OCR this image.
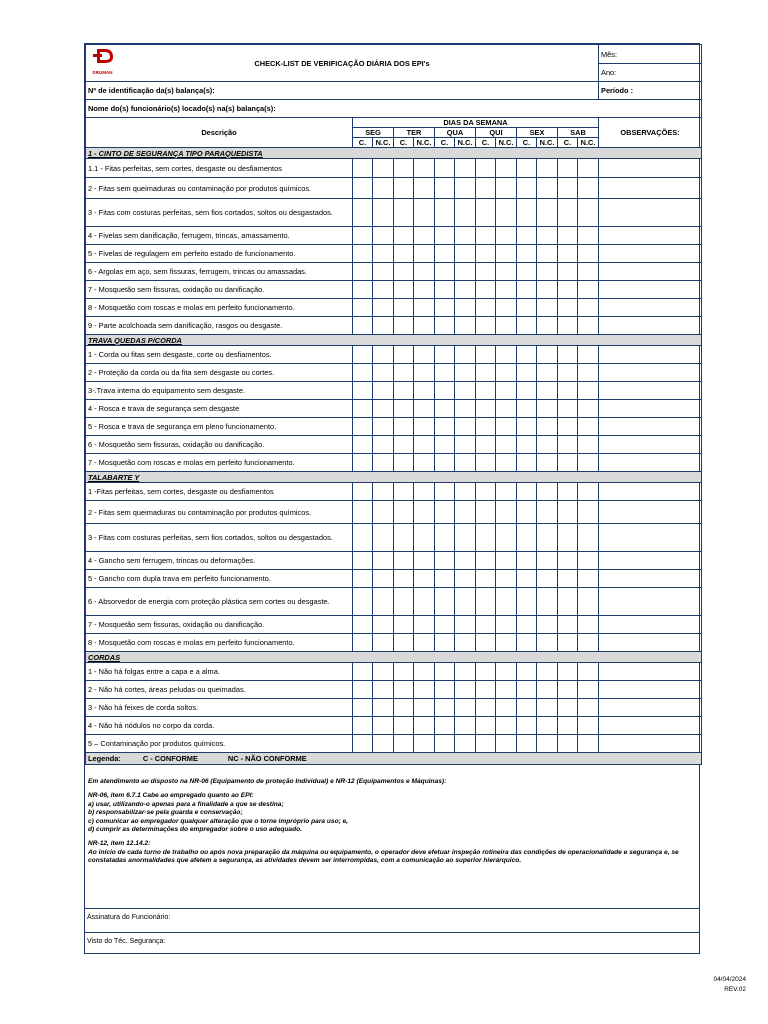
DRUMAN
CHECK-LIST DE VERIFICAÇÃO DIÁRIA DOS EPI's													Mês:
													Ano:
Nº de identificação da(s) balança(s):													Período :
Nome do(s) funcionário(s) locado(s) na(s) balança(s):													
Descrição	DIAS DA SEMANA												OBSERVAÇÕES:
	SEG		TER		QUA		QUI		SEX		SAB		
	C.	N.C.	C.	N.C.	C.	N.C.	C.	N.C.	C.	N.C.	C.	N.C.	
1 - CINTO DE SEGURANÇA TIPO PARAQUEDISTA													
1.1 - Fitas perfeitas, sem cortes, desgaste ou desfiamentos													
2 - Fitas sem queimaduras ou contaminação por produtos químicos.													
3 - Fitas com costuras perfeitas, sem fios cortados, soltos ou desgastados.													
4 - Fivelas sem danificação, ferrugem, trincas, amassamento.													
5 - Fivelas de regulagem em perfeito estado de funcionamento.													
6 - Argolas em aço, sem fissuras, ferrugem, trincas ou amassadas.													
7 - Mosquetão sem fissuras, oxidação ou danificação.													
8 - Mosquetão com roscas e molas em perfeito funcionamento.													
9 - Parte acolchoada sem danificação, rasgos ou desgaste.													
TRAVA QUEDAS P/CORDA													
1 - Corda ou fitas sem desgaste, corte ou desfiamentos.													
2 - Proteção da corda ou da fita sem desgaste ou cortes.													
3-.Trava interna do equipamento sem desgaste.													
4 - Rosca e trava de segurança sem desgaste													
5 - Rosca e trava de segurança em pleno funcionamento.													
6 - Mosquetão sem fissuras, oxidação ou danificação.													
7 - Mosquetão com roscas e molas em perfeito funcionamento.													
TALABARTE Y													
1 -Fitas perfeitas, sem cortes, desgaste ou desfiamentos													
2 - Fitas sem queimaduras ou contaminação por produtos químicos.													
3 - Fitas com costuras perfeitas, sem fios cortados, soltos ou desgastados.													
4 - Gancho sem ferrugem, trincas ou deformações.													
5 - Gancho com dupla trava em perfeito funcionamento.													
6 - Absorvedor de energia com proteção plástica sem cortes ou desgaste.													
7 - Mosquetão sem fissuras, oxidação ou danificação.													
8 - Mosquetão com roscas e molas em perfeito funcionamento.													
CORDAS													
1 - Não há folgas entre a capa e a alma.													
2 - Não há cortes, áreas peludas ou queimadas.													
3 - Não há feixes de corda soltos.													
4 - Não há nódulos no corpo da corda.													
5 – Contaminação por produtos químicos.													
Legenda: C - CONFORME NC - NÃO CONFORME													

Em atendimento ao disposto na NR-06 (Equipamento de proteção Individual) e NR-12 (Equipamentos e Máquinas):

NR-06, item 6.7.1 Cabe ao empregado quanto ao EPI:
a) usar, utilizando-o apenas para a finalidade a que se destina;
b) responsabilizar-se pela guarda e conservação;
c) comunicar ao empregador qualquer alteração que o torne impróprio para uso; e,
d) cumprir as determinações do empregador sobre o uso adequado.
NR-12, item 12.14.2:
Ao início de cada turno de trabalho ou após nova preparação da máquina ou equipamento, o operador deve efetuar inspeção rotineira das condições de operacionalidade e segurança e, se constatadas anormalidades que afetem a segurança, as atividades devem ser interrompidas, com a comunicação ao superior hierárquico.
Assinatura do Funcionário:
Visto do Téc. Segurança:
04/04/2024
REV.02
